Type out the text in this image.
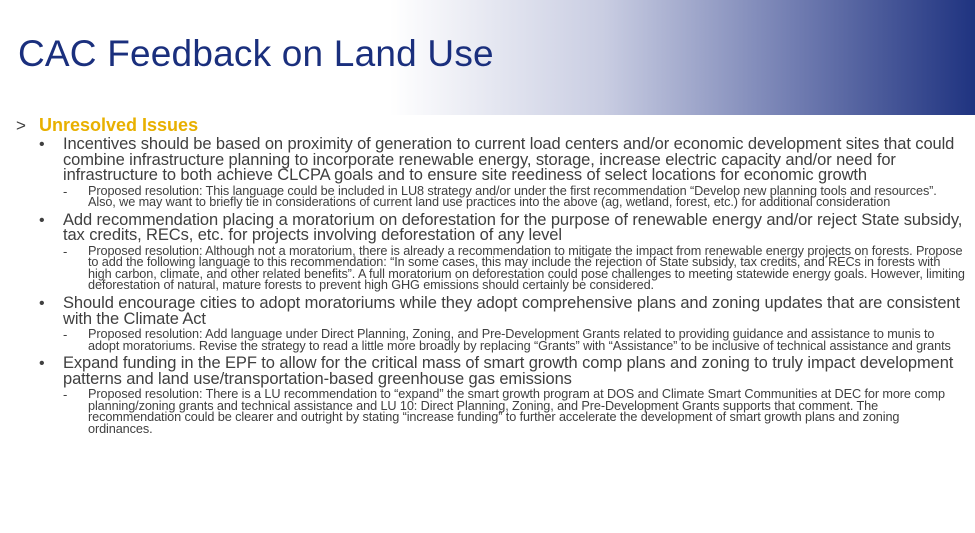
CAC Feedback on Land Use
> Unresolved Issues
• Incentives should be based on proximity of generation to current load centers and/or economic development sites that could combine infrastructure planning to incorporate renewable energy, storage, increase electric capacity and/or need for infrastructure to both achieve CLCPA goals and to ensure site reediness of select locations for economic growth
- Proposed resolution: This language could be included in LU8 strategy and/or under the first recommendation “Develop new planning tools and resources”. Also, we may want to briefly tie in considerations of current land use practices into the above (ag, wetland, forest, etc.) for additional consideration
• Add recommendation placing a moratorium on deforestation for the purpose of renewable energy and/or reject State subsidy, tax credits, RECs, etc. for projects involving deforestation of any level
- Proposed resolution: Although not a moratorium, there is already a recommendation to mitigate the impact from renewable energy projects on forests. Propose to add the following language to this recommendation: “In some cases, this may include the rejection of State subsidy, tax credits, and RECs in forests with high carbon, climate, and other related benefits”. A full moratorium on deforestation could pose challenges to meeting statewide energy goals. However, limiting deforestation of natural, mature forests to prevent high GHG emissions should certainly be considered.
• Should encourage cities to adopt moratoriums while they adopt comprehensive plans and zoning updates that are consistent with the Climate Act
- Proposed resolution: Add language under Direct Planning, Zoning, and Pre-Development Grants related to providing guidance and assistance to munis to adopt moratoriums. Revise the strategy to read a little more broadly by replacing “Grants” with “Assistance” to be inclusive of technical assistance and grants
• Expand funding in the EPF to allow for the critical mass of smart growth comp plans and zoning to truly impact development patterns and land use/transportation-based greenhouse gas emissions
- Proposed resolution: There is a LU recommendation to “expand” the smart growth program at DOS and Climate Smart Communities at DEC for more comp planning/zoning grants and technical assistance and LU 10: Direct Planning, Zoning, and Pre-Development Grants supports that comment. The recommendation could be clearer and outright by stating “increase funding” to further accelerate the development of smart growth plans and zoning ordinances.
